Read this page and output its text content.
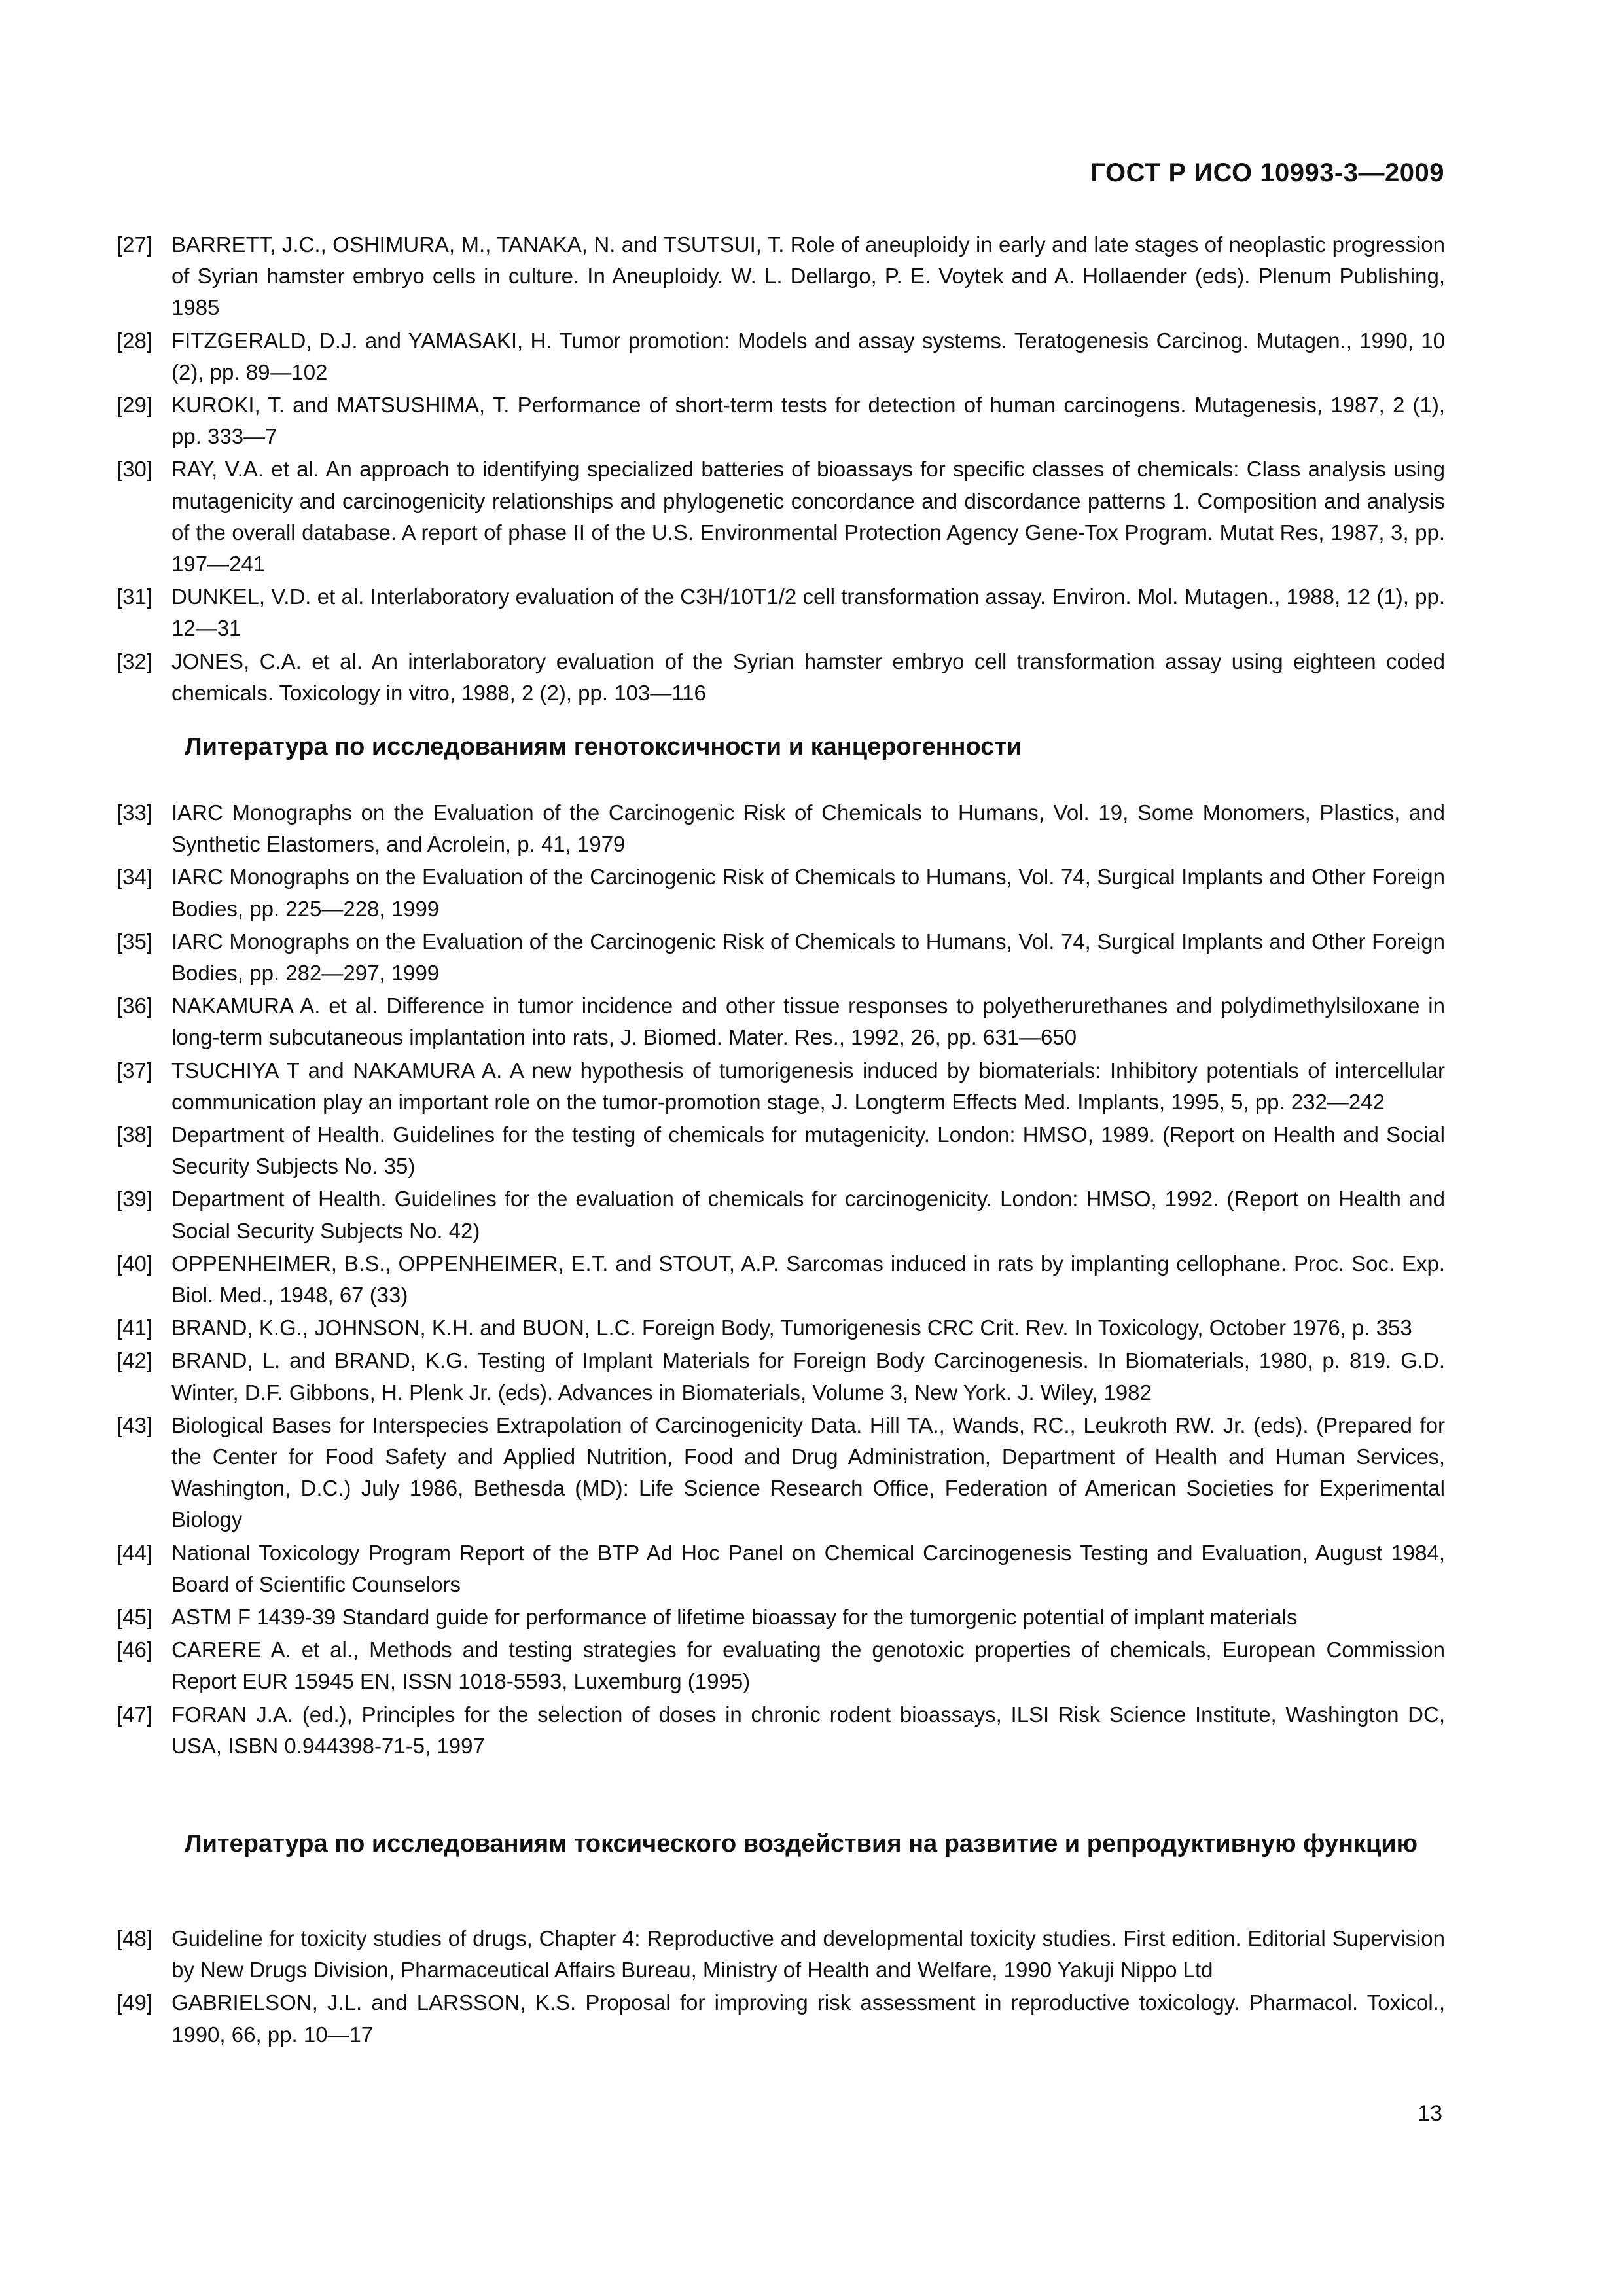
ГОСТ Р ИСО 10993-3—2009
[27] BARRETT, J.C., OSHIMURA, M., TANAKA, N. and TSUTSUI, T. Role of aneuploidy in early and late stages of neoplastic progression of Syrian hamster embryo cells in culture. In Aneuploidy. W. L. Dellargo, P. E. Voytek and A. Hollaender (eds). Plenum Publishing, 1985
[28] FITZGERALD, D.J. and YAMASAKI, H. Tumor promotion: Models and assay systems. Teratogenesis Carcinog. Mutagen., 1990, 10 (2), pp. 89—102
[29] KUROKI, T. and MATSUSHIMA, T. Performance of short-term tests for detection of human carcinogens. Mutagenesis, 1987, 2 (1), pp. 333—7
[30] RAY, V.A. et al. An approach to identifying specialized batteries of bioassays for specific classes of chemicals: Class analysis using mutagenicity and carcinogenicity relationships and phylogenetic concordance and discordance patterns 1. Composition and analysis of the overall database. A report of phase II of the U.S. Environmental Protection Agency Gene-Tox Program. Mutat Res, 1987, 3, pp. 197—241
[31] DUNKEL, V.D. et al. Interlaboratory evaluation of the C3H/10T1/2 cell transformation assay. Environ. Mol. Mutagen., 1988, 12 (1), pp. 12—31
[32] JONES, C.A. et al. An interlaboratory evaluation of the Syrian hamster embryo cell transformation assay using eighteen coded chemicals. Toxicology in vitro, 1988, 2 (2), pp. 103—116
Литература по исследованиям генотоксичности и канцерогенности
[33] IARC Monographs on the Evaluation of the Carcinogenic Risk of Chemicals to Humans, Vol. 19, Some Monomers, Plastics, and Synthetic Elastomers, and Acrolein, p. 41, 1979
[34] IARC Monographs on the Evaluation of the Carcinogenic Risk of Chemicals to Humans, Vol. 74, Surgical Implants and Other Foreign Bodies, pp. 225—228, 1999
[35] IARC Monographs on the Evaluation of the Carcinogenic Risk of Chemicals to Humans, Vol. 74, Surgical Implants and Other Foreign Bodies, pp. 282—297, 1999
[36] NAKAMURA A. et al. Difference in tumor incidence and other tissue responses to polyetherurethanes and polydimethylsiloxane in long-term subcutaneous implantation into rats, J. Biomed. Mater. Res., 1992, 26, pp. 631—650
[37] TSUCHIYA T and NAKAMURA A. A new hypothesis of tumorigenesis induced by biomaterials: Inhibitory potentials of intercellular communication play an important role on the tumor-promotion stage, J. Longterm Effects Med. Implants, 1995, 5, pp. 232—242
[38] Department of Health. Guidelines for the testing of chemicals for mutagenicity. London: HMSO, 1989. (Report on Health and Social Security Subjects No. 35)
[39] Department of Health. Guidelines for the evaluation of chemicals for carcinogenicity. London: HMSO, 1992. (Report on Health and Social Security Subjects No. 42)
[40] OPPENHEIMER, B.S., OPPENHEIMER, E.T. and STOUT, A.P. Sarcomas induced in rats by implanting cellophane. Proc. Soc. Exp. Biol. Med., 1948, 67 (33)
[41] BRAND, K.G., JOHNSON, K.H. and BUON, L.C. Foreign Body, Tumorigenesis CRC Crit. Rev. In Toxicology, October 1976, p. 353
[42] BRAND, L. and BRAND, K.G. Testing of Implant Materials for Foreign Body Carcinogenesis. In Biomaterials, 1980, p. 819. G.D. Winter, D.F. Gibbons, H. Plenk Jr. (eds). Advances in Biomaterials, Volume 3, New York. J. Wiley, 1982
[43] Biological Bases for Interspecies Extrapolation of Carcinogenicity Data. Hill TA., Wands, RC., Leukroth RW. Jr. (eds). (Prepared for the Center for Food Safety and Applied Nutrition, Food and Drug Administration, Department of Health and Human Services, Washington, D.C.) July 1986, Bethesda (MD): Life Science Research Office, Federation of American Societies for Experimental Biology
[44] National Toxicology Program Report of the BTP Ad Hoc Panel on Chemical Carcinogenesis Testing and Evaluation, August 1984, Board of Scientific Counselors
[45] ASTM F 1439-39 Standard guide for performance of lifetime bioassay for the tumorgenic potential of implant materials
[46] CARERE A. et al., Methods and testing strategies for evaluating the genotoxic properties of chemicals, European Commission Report EUR 15945 EN, ISSN 1018-5593, Luxemburg (1995)
[47] FORAN J.A. (ed.), Principles for the selection of doses in chronic rodent bioassays, ILSI Risk Science Institute, Washington DC, USA, ISBN 0.944398-71-5, 1997
Литература по исследованиям токсического воздействия на развитие и репродуктивную функцию
[48] Guideline for toxicity studies of drugs, Chapter 4: Reproductive and developmental toxicity studies. First edition. Editorial Supervision by New Drugs Division, Pharmaceutical Affairs Bureau, Ministry of Health and Welfare, 1990 Yakuji Nippo Ltd
[49] GABRIELSON, J.L. and LARSSON, K.S. Proposal for improving risk assessment in reproductive toxicology. Pharmacol. Toxicol., 1990, 66, pp. 10—17
13
